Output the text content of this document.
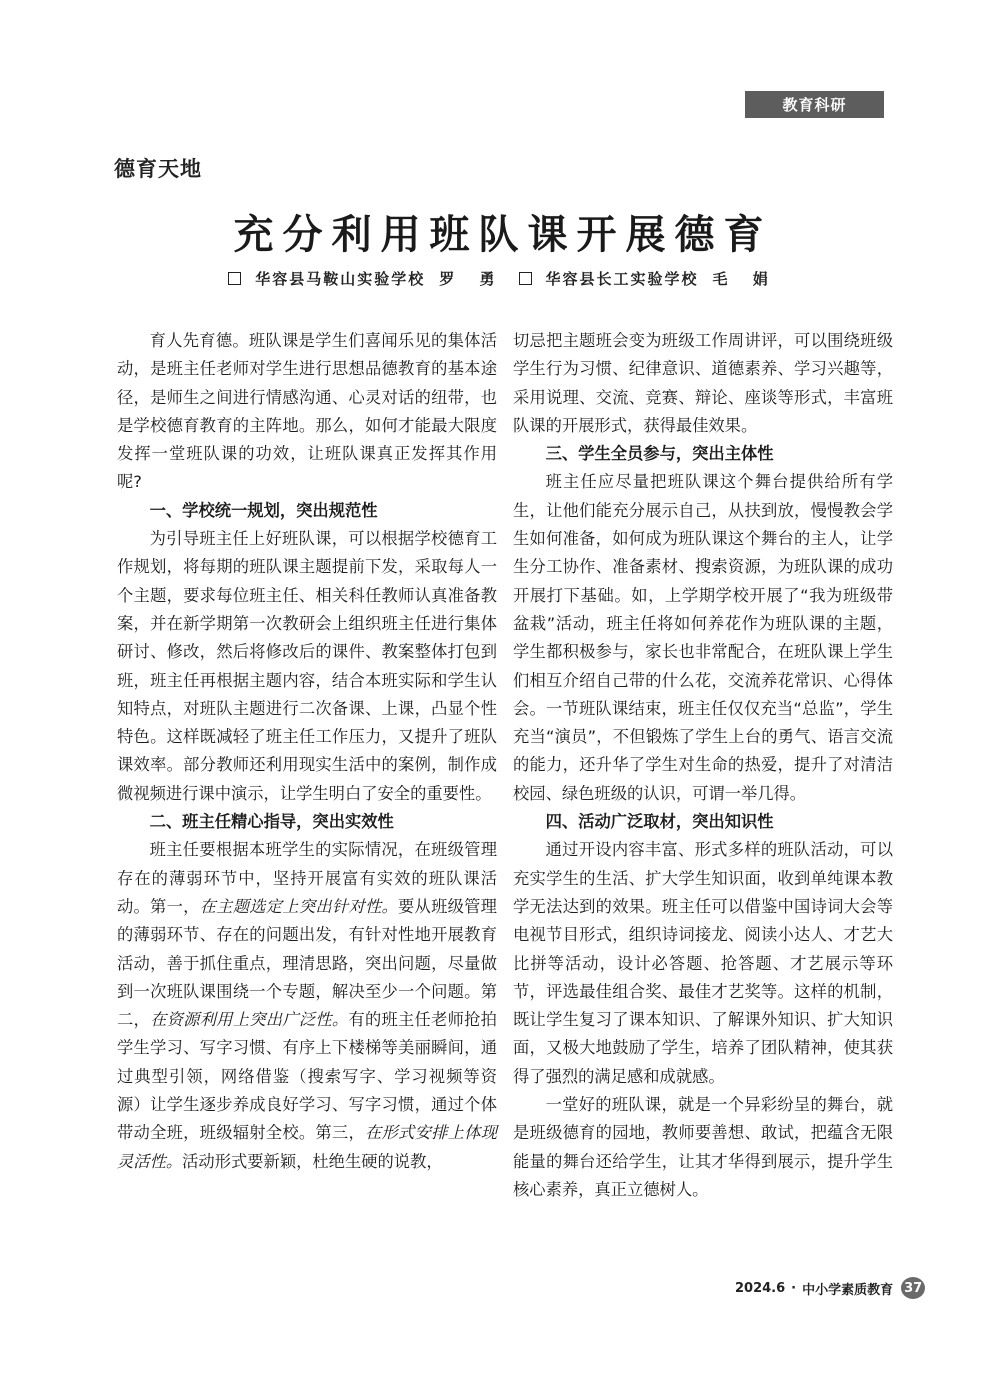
教育科研
德育天地
充分利用班队课开展德育
华容县马鞍山实验学校 罗 勇	华容县长工实验学校 毛 娟

育人先育德。班队课是学生们喜闻乐见的集体活动，是班主任老师对学生进行思想品德教育的基本途径，是师生之间进行情感沟通、心灵对话的纽带，也是学校德育教育的主阵地。那么，如何才能最大限度发挥一堂班队课的功效，让班队课真正发挥其作用呢?

一、学校统一规划，突出规范性

为引导班主任上好班队课，可以根据学校德育工作规划，将每期的班队课主题提前下发，采取每人一个主题，要求每位班主任、相关科任教师认真准备教案，并在新学期第一次教研会上组织班主任进行集体研讨、修改，然后将修改后的课件、教案整体打包到班，班主任再根据主题内容，结合本班实际和学生认知特点，对班队主题进行二次备课、上课，凸显个性特色。这样既减轻了班主任工作压力，又提升了班队课效率。部分教师还利用现实生活中的案例，制作成微视频进行课中演示，让学生明白了安全的重要性。

二、班主任精心指导，突出实效性

班主任要根据本班学生的实际情况，在班级管理存在的薄弱环节中，坚持开展富有实效的班队课活动。第一，在主题选定上突出针对性。要从班级管理的薄弱环节、存在的问题出发，有针对性地开展教育活动，善于抓住重点，理清思路，突出问题，尽量做到一次班队课围绕一个专题，解决至少一个问题。第二，在资源利用上突出广泛性。有的班主任老师抢拍学生学习、写字习惯、有序上下楼梯等美丽瞬间，通过典型引领，网络借鉴（搜索写字、学习视频等资源）让学生逐步养成良好学习、写字习惯，通过个体带动全班，班级辐射全校。第三，在形式安排上体现灵活性。活动形式要新颖，杜绝生硬的说教，

切忌把主题班会变为班级工作周讲评，可以围绕班级学生行为习惯、纪律意识、道德素养、学习兴趣等，采用说理、交流、竞赛、辩论、座谈等形式，丰富班队课的开展形式，获得最佳效果。

三、学生全员参与，突出主体性

班主任应尽量把班队课这个舞台提供给所有学生，让他们能充分展示自己，从扶到放，慢慢教会学生如何准备，如何成为班队课这个舞台的主人，让学生分工协作、准备素材、搜索资源，为班队课的成功开展打下基础。如，上学期学校开展了“我为班级带盆栽”活动，班主任将如何养花作为班队课的主题，学生都积极参与，家长也非常配合，在班队课上学生们相互介绍自己带的什么花，交流养花常识、心得体会。一节班队课结束，班主任仅仅充当“总监”，学生充当“演员”，不但锻炼了学生上台的勇气、语言交流的能力，还升华了学生对生命的热爱，提升了对清洁校园、绿色班级的认识，可谓一举几得。

四、活动广泛取材，突出知识性

通过开设内容丰富、形式多样的班队活动，可以充实学生的生活、扩大学生知识面，收到单纯课本教学无法达到的效果。班主任可以借鉴中国诗词大会等电视节目形式，组织诗词接龙、阅读小达人、才艺大比拼等活动，设计必答题、抢答题、才艺展示等环节，评选最佳组合奖、最佳才艺奖等。这样的机制，既让学生复习了课本知识、了解课外知识、扩大知识面，又极大地鼓励了学生，培养了团队精神，使其获得了强烈的满足感和成就感。

一堂好的班队课，就是一个异彩纷呈的舞台，就是班级德育的园地，教师要善想、敢试，把蕴含无限能量的舞台还给学生，让其才华得到展示，提升学生核心素养，真正立德树人。

2024.6 · 中小学素质教育 37
